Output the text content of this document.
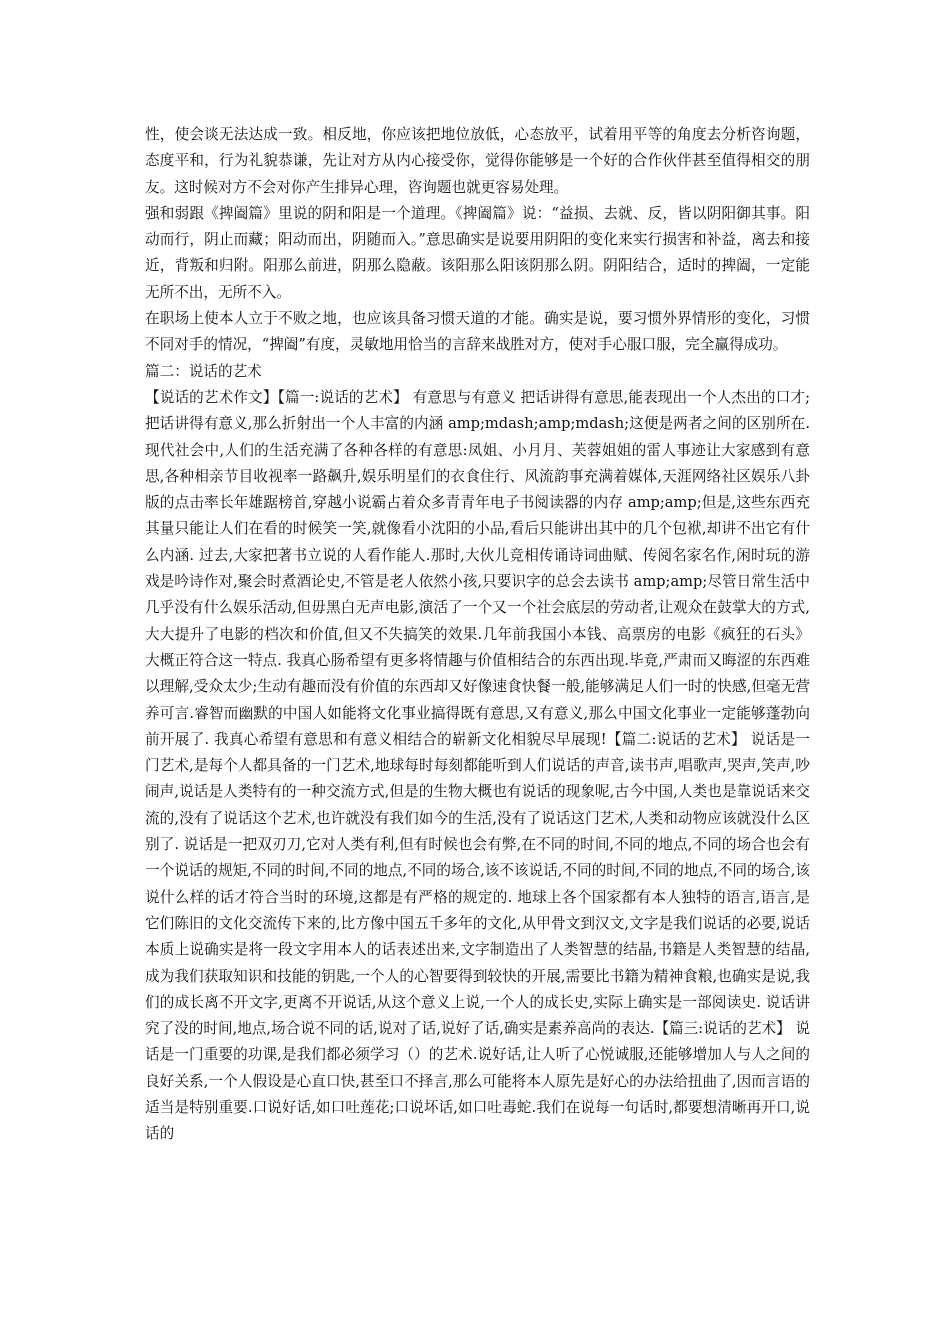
性，使会谈无法达成一致。相反地，你应该把地位放低，心态放平，试着用平等的角度去分析咨询题，态度平和，行为礼貌恭谦，先让对方从内心接受你，觉得你能够是一个好的合作伙伴甚至值得相交的朋友。这时候对方不会对你产生排异心理，咨询题也就更容易处理。

强和弱跟《捭阖篇》里说的阴和阳是一个道理。《捭阖篇》说：“益损、去就、反，皆以阴阳御其事。阳动而行，阴止而藏；阳动而出，阴随而入。”意思确实是说要用阴阳的变化来实行损害和补益，离去和接近，背叛和归附。阳那么前进，阴那么隐蔽。该阳那么阳该阴那么阴。阴阳结合，适时的捭阖，一定能无所不出，无所不入。

在职场上使本人立于不败之地，也应该具备习惯天道的才能。确实是说，要习惯外界情形的变化，习惯不同对手的情况，“捭阖”有度，灵敏地用恰当的言辞来战胜对方，使对手心服口服，完全赢得成功。

篇二：说话的艺术

【说话的艺术作文】【篇一:说话的艺术】 有意思与有意义 把话讲得有意思,能表现出一个人杰出的口才;把话讲得有意义,那么折射出一个人丰富的内涵 amp;mdash;amp;mdash;这便是两者之间的区别所在. 现代社会中,人们的生活充满了各种各样的有意思:凤姐、小月月、芙蓉姐姐的雷人事迹让大家感到有意思,各种相亲节目收视率一路飙升,娱乐明星们的衣食住行、风流韵事充满着媒体,天涯网络社区娱乐八卦版的点击率长年雄踞榜首,穿越小说霸占着众多青青年电子书阅读器的内存 amp;amp;但是,这些东西充其量只能让人们在看的时候笑一笑,就像看小沈阳的小品,看后只能讲出其中的几个包袱,却讲不出它有什么内涵. 过去,大家把著书立说的人看作能人.那时,大伙儿竞相传诵诗词曲赋、传阅名家名作,闲时玩的游戏是吟诗作对,聚会时煮酒论史,不管是老人依然小孩,只要识字的总会去读书 amp;amp;尽管日常生活中几乎没有什么娱乐活动,但毋黑白无声电影,演活了一个又一个社会底层的劳动者,让观众在鼓掌大的方式,大大提升了电影的档次和价值,但又不失搞笑的效果.几年前我国小本钱、高票房的电影《疯狂的石头》大概正符合这一特点. 我真心肠希望有更多将情趣与价值相结合的东西出现.毕竟,严肃而又晦涩的东西难以理解,受众太少;生动有趣而没有价值的东西却又好像速食快餐一般,能够满足人们一时的快感,但毫无营养可言.睿智而幽默的中国人如能将文化事业搞得既有意思,又有意义,那么中国文化事业一定能够蓬勃向前开展了. 我真心希望有意思和有意义相结合的崭新文化相貌尽早展现!【篇二:说话的艺术】 说话是一门艺术,是每个人都具备的一门艺术,地球每时每刻都能听到人们说话的声音,读书声,唱歌声,哭声,笑声,吵闹声,说话是人类特有的一种交流方式,但是的生物大概也有说话的现象呢,古今中国,人类也是靠说话来交流的,没有了说话这个艺术,也许就没有我们如今的生活,没有了说话这门艺术,人类和动物应该就没什么区别了. 说话是一把双刃刀,它对人类有利,但有时候也会有弊,在不同的时间,不同的地点,不同的场合也会有一个说话的规矩,不同的时间,不同的地点,不同的场合,该不该说话,不同的时间,不同的地点,不同的场合,该说什么样的话才符合当时的环境,这都是有严格的规定的. 地球上各个国家都有本人独特的语言,语言,是它们陈旧的文化交流传下来的,比方像中国五千多年的文化,从甲骨文到汉文,文字是我们说话的必要,说话本质上说确实是将一段文字用本人的话表述出来,文字制造出了人类智慧的结晶,书籍是人类智慧的结晶,成为我们获取知识和技能的钥匙,一个人的心智要得到较快的开展,需要比书籍为精神食粮,也确实是说,我们的成长离不开文字,更离不开说话,从这个意义上说,一个人的成长史,实际上确实是一部阅读史. 说话讲究了没的时间,地点,场合说不同的话,说对了话,说好了话,确实是素养高尚的表达.【篇三:说话的艺术】 说话是一门重要的功课,是我们都必须学习（）的艺术.说好话,让人听了心悦诚服,还能够增加人与人之间的良好关系,一个人假设是心直口快,甚至口不择言,那么可能将本人原先是好心的办法给扭曲了,因而言语的适当是特别重要.口说好话,如口吐莲花;口说坏话,如口吐毒蛇.我们在说每一句话时,都要想清晰再开口,说话的
